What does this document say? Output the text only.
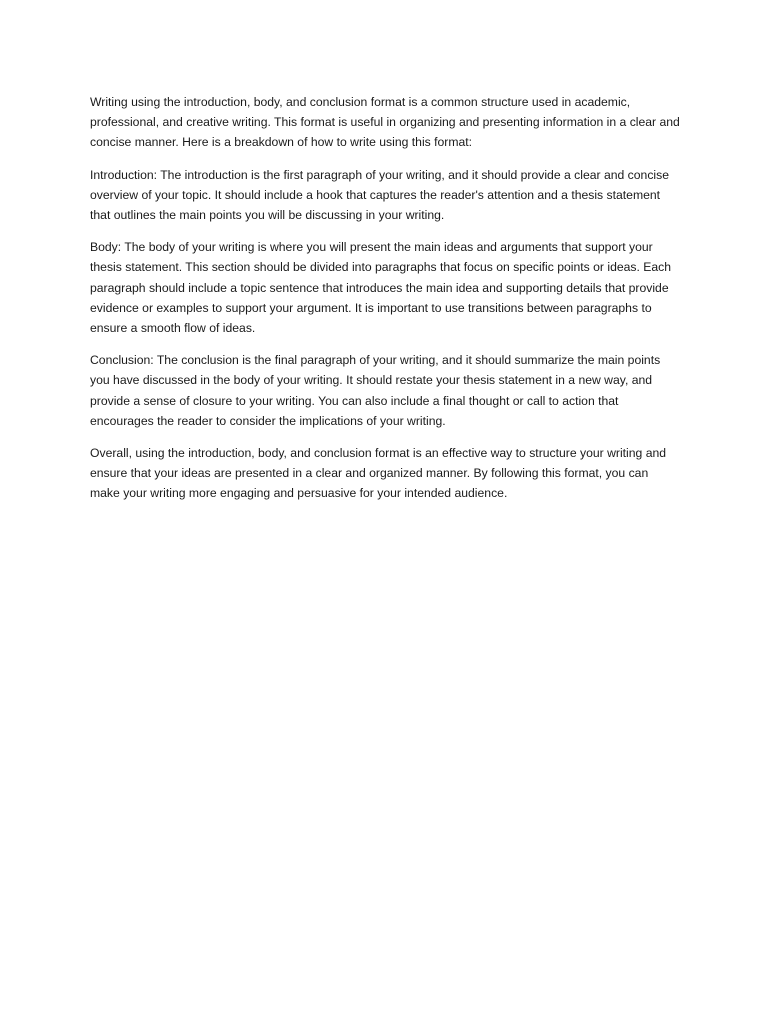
Writing using the introduction, body, and conclusion format is a common structure used in academic, professional, and creative writing. This format is useful in organizing and presenting information in a clear and concise manner. Here is a breakdown of how to write using this format:

Introduction: The introduction is the first paragraph of your writing, and it should provide a clear and concise overview of your topic. It should include a hook that captures the reader's attention and a thesis statement that outlines the main points you will be discussing in your writing.

Body: The body of your writing is where you will present the main ideas and arguments that support your thesis statement. This section should be divided into paragraphs that focus on specific points or ideas. Each paragraph should include a topic sentence that introduces the main idea and supporting details that provide evidence or examples to support your argument. It is important to use transitions between paragraphs to ensure a smooth flow of ideas.

Conclusion: The conclusion is the final paragraph of your writing, and it should summarize the main points you have discussed in the body of your writing. It should restate your thesis statement in a new way, and provide a sense of closure to your writing. You can also include a final thought or call to action that encourages the reader to consider the implications of your writing.

Overall, using the introduction, body, and conclusion format is an effective way to structure your writing and ensure that your ideas are presented in a clear and organized manner. By following this format, you can make your writing more engaging and persuasive for your intended audience.
